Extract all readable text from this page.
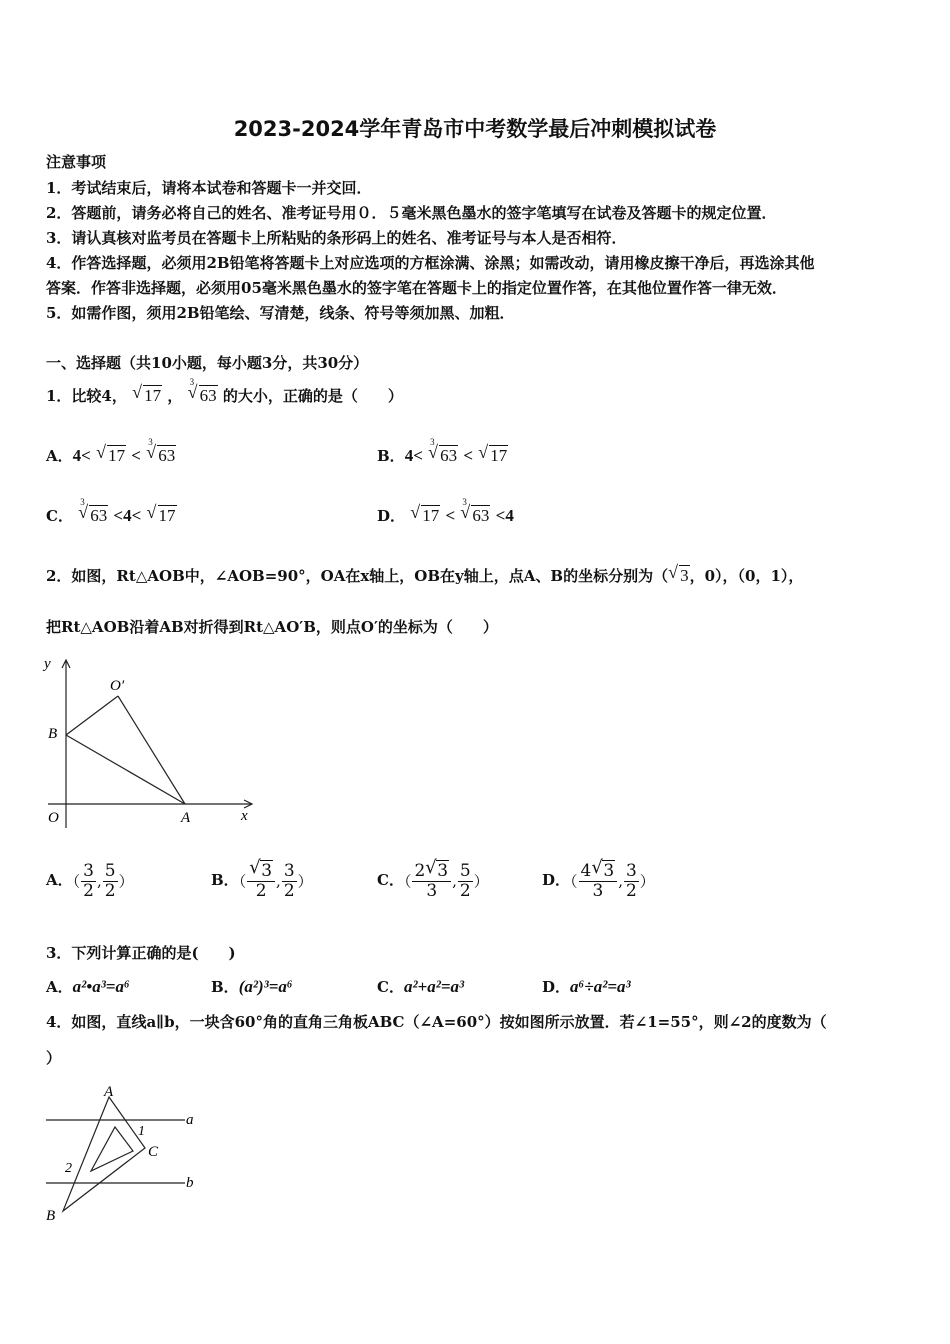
2023-2024学年青岛市中考数学最后冲刺模拟试卷
注意事项
1．考试结束后，请将本试卷和答题卡一并交回．
2．答题前，请务必将自己的姓名、准考证号用０．５毫米黑色墨水的签字笔填写在试卷及答题卡的规定位置．
3．请认真核对监考员在答题卡上所粘贴的条形码上的姓名、准考证号与本人是否相符．
4．作答选择题，必须用2B铅笔将答题卡上对应选项的方框涂满、涂黑；如需改动，请用橡皮擦干净后，再选涂其他
答案．作答非选择题，必须用05毫米黑色墨水的签字笔在答题卡上的指定位置作答，在其他位置作答一律无效．
5．如需作图，须用2B铅笔绘、写清楚，线条、符号等须加黑、加粗．
一、选择题（共10小题，每小题3分，共30分）
1．比较4， √ 17 ，
√ 3
63 的大小，正确的是（　　）
A．4< √ 17 <
√ 3
63	B．4<
√ 3
63 < √ 17
C．
√ 3
63 <4< √ 17	D． √ 17 <
√ 3
63 <4
2．如图，Rt△AOB中，∠AOB=90°，OA在x轴上，OB在y轴上，点A、B的坐标分别为（ √ 3，0），（0，1），
把Rt△AOB沿着AB对折得到Rt△AO′B，则点O′的坐标为（　　）
y
O′
B
O	A	x
A．（ $\frac{3}{2}$ , $\frac{5}{2}$ ）	B．（ √ $\frac{3}{2}$ , $\frac{3}{2}$ ）	C．（ $\frac{2 √ 3}{3}$ , $\frac{5}{2}$ ）	D．（ $\frac{4 √ 3}{3}$ , $\frac{3}{2}$ ）
3．下列计算正确的是(　　)
A．a²•a³=a⁶	B．(a²)³=a⁶	C．a²+a²=a³	D．a⁶÷a²=a³
4．如图，直线a∥b，一块含60°角的直角三角板ABC（∠A=60°）按如图所示放置．若∠1=55°，则∠2的度数为（
）
A
a
1
C
2
b
B
